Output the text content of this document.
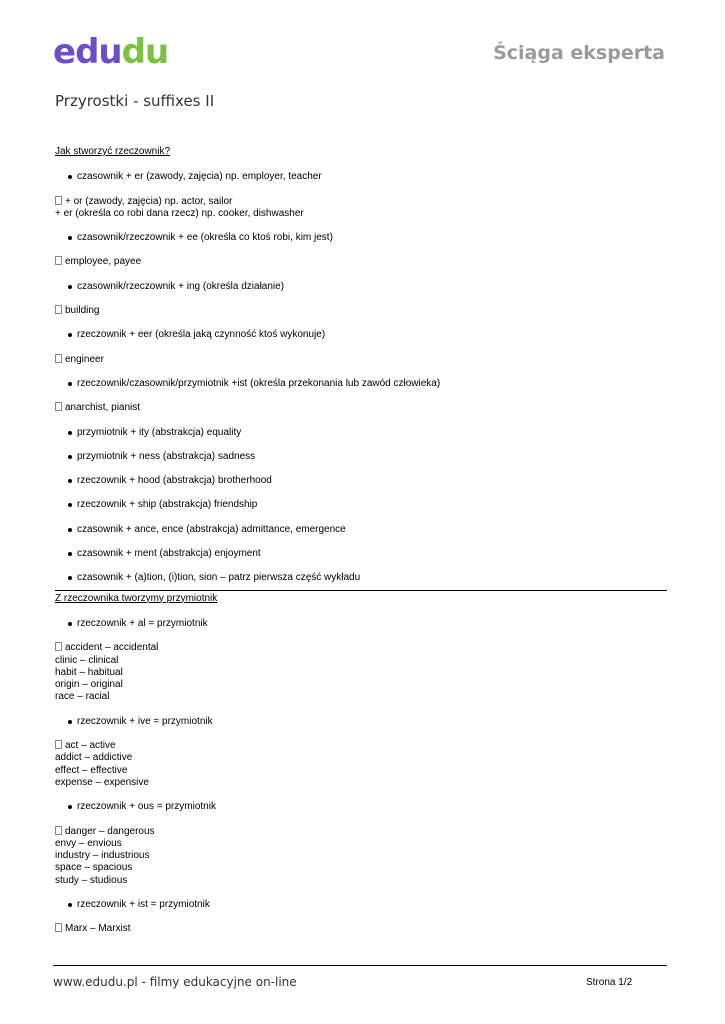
edudu	Ściąga eksperta
Przyrostki - suffixes II
Jak stworzyć rzeczownik?
czasownik + er (zawody, zajęcia) np. employer, teacher
+ or (zawody, zajęcia) np. actor, sailor
+ er (określa co robi dana rzecz) np. cooker, dishwasher
czasownik/rzeczownik + ee (określa co ktoś robi, kim jest)
employee, payee
czasownik/rzeczownik + ing (określa działanie)
building
rzeczownik + eer (określa jaką czynność ktoś wykonuje)
engineer
rzeczownik/czasownik/przymiotnik +ist (określa przekonania lub zawód człowieka)
anarchist, pianist
przymiotnik + ity (abstrakcja) equality
przymiotnik + ness (abstrakcja) sadness
rzeczownik + hood (abstrakcja) brotherhood
rzeczownik + ship (abstrakcja) friendship
czasownik + ance, ence (abstrakcja) admittance, emergence
czasownik + ment (abstrakcja) enjoyment
czasownik + (a)tion, (i)tion, sion – patrz pierwsza część wykładu
Z rzeczownika tworzymy przymiotnik
rzeczownik + al = przymiotnik
accident – accidental
clinic – clinical
habit – habitual
origin – original
race – racial
rzeczownik + ive = przymiotnik
act – active
addict – addictive
effect – effective
expense – expensive
rzeczownik + ous = przymiotnik
danger – dangerous
envy – envious
industry – industrious
space – spacious
study – studious
rzeczownik + ist = przymiotnik
Marx – Marxist
www.edudu.pl - filmy edukacyjne on-line	Strona 1/2
